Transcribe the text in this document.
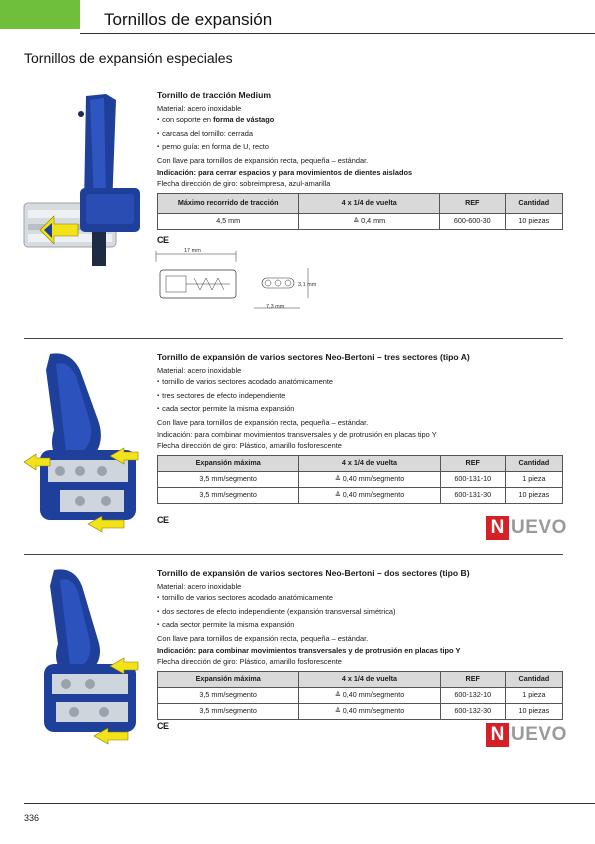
Tornillos de expansión
Tornillos de expansión especiales
Tornillo de tracción Medium
Material: acero inoxidable
▪ con soporte en forma de vástago
▪ carcasa del tornillo: cerrada
▪ perno guía: en forma de U, recto
Con llave para tornillos de expansión recta, pequeña – estándar.
Indicación: para cerrar espacios y para movimientos de dientes aislados
Flecha dirección de giro: sobreimpresa, azul-amarilla
Máximo recorrido de tracción	4 x 1/4 de vuelta	REF	Cantidad
4,5 mm	≙ 0,4 mm	600-600-30	10 piezas
CE
17 mm
3,1 mm
7,3 mm
Tornillo de expansión de varios sectores Neo-Bertoni – tres sectores (tipo A)
Material: acero inoxidable
▪ tornillo de varios sectores acodado anatómicamente
▪ tres sectores de efecto independiente
▪ cada sector permite la misma expansión
Con llave para tornillos de expansión recta, pequeña – estándar.
Indicación: para combinar movimientos transversales y de protrusión en placas tipo Y
Flecha dirección de giro: Plástico, amarillo fosforescente
Expansión máxima	4 x 1/4 de vuelta	REF	Cantidad
3,5 mm/segmento	≙ 0,40 mm/segmento	600-131-10	1 pieza
3,5 mm/segmento	≙ 0,40 mm/segmento	600-131-30	10 piezas
CE	N UEVO
Tornillo de expansión de varios sectores Neo-Bertoni – dos sectores (tipo B)
Material: acero inoxidable
▪ tornillo de varios sectores acodado anatómicamente
▪ dos sectores de efecto independiente (expansión transversal simétrica)
▪ cada sector permite la misma expansión
Con llave para tornillos de expansión recta, pequeña – estándar.
Indicación: para combinar movimientos transversales y de protrusión en placas tipo Y
Flecha dirección de giro: Plástico, amarillo fosforescente
Expansión máxima	4 x 1/4 de vuelta	REF	Cantidad
3,5 mm/segmento	≙ 0,40 mm/segmento	600-132-10	1 pieza
3,5 mm/segmento	≙ 0,40 mm/segmento	600-132-30	10 piezas
CE	N UEVO
336
